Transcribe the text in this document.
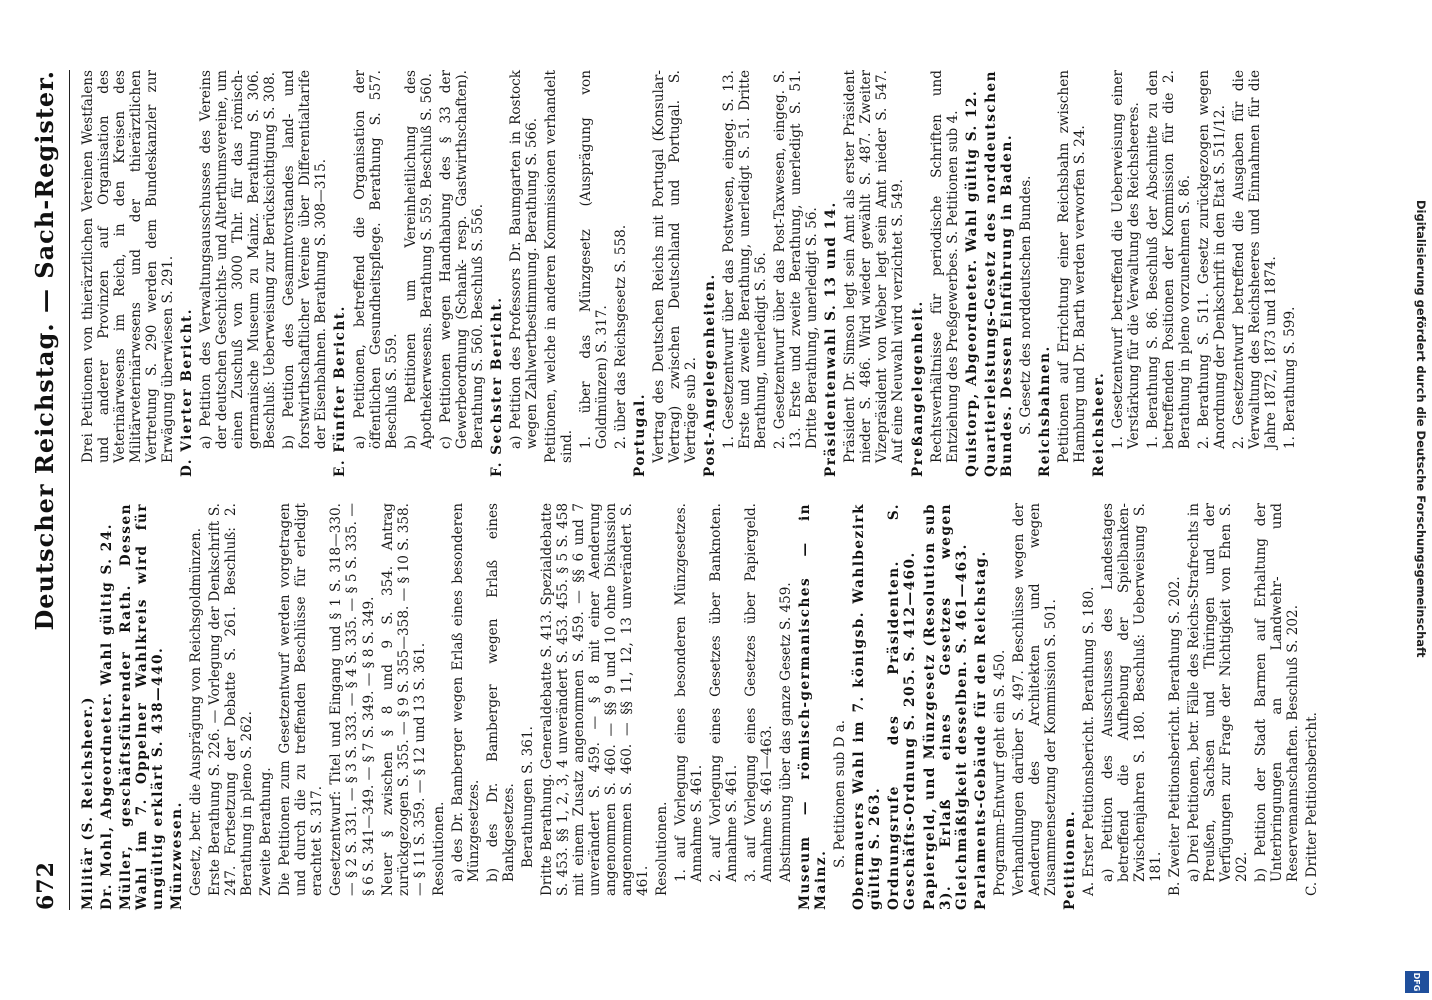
672
Deutscher Reichstag. — Sach-Register.

Militär (S. Reichsheer.) Dr. Mohl, Abgeordneter. Wahl gültig S. 24. Müller, geschäftsführender Rath. Dessen Wahl im 7. Oppelner Wahlkreis wird für ungültig erklärt S. 438—440. Münzwesen. Gesetz, betr. die Ausprägung von Reichsgoldmünzen. Erste Berathung S. 226. — Vorlegung der Denkschrift S. 247. Fortsetzung der Debatte S. 261. Beschluß: 2. Berathung in pleno S. 262. Zweite Berathung. Die Petitionen zum Gesetzentwurf werden vorgetragen und durch die zu treffenden Beschlüsse für erledigt erachtet S. 317. Gesetzentwurf: Titel und Eingang und § 1 S. 318—330. — § 2 S. 331. — § 3 S. 333. — § 4 S. 335. — § 5 S. 335. — § 6 S. 341—349. — § 7 S. 349. — § 8 S. 349. Neuer § zwischen § 8 und 9 S. 354. Antrag zurückgezogen S. 355. — § 9 S. 355—358. — § 10 S. 358. — § 11 S. 359. — § 12 und 13 S. 361. Resolutionen. a) des Dr. Bamberger wegen Erlaß eines besonderen Münzgesetzes. b) des Dr. Bamberger wegen Erlaß eines Bankgesetzes. Berathungen S. 361. Dritte Berathung. Generaldebatte S. 413. Spezialdebatte S. 453. §§ 1, 2, 3, 4 unverändert S. 453. 455. § 5 S. 458 mit einem Zusatz angenommen S. 459. — §§ 6 und 7 unverändert S. 459. — § 8 mit einer Aenderung angenommen S. 460. — §§ 9 und 10 ohne Diskussion angenommen S. 460. — §§ 11, 12, 13 unverändert S. 461. Resolutionen. 1. auf Vorlegung eines besonderen Münzgesetzes. Annahme S. 461. 2. auf Vorlegung eines Gesetzes über Banknoten. Annahme S. 461. 3. auf Vorlegung eines Gesetzes über Papiergeld. Annahme S. 461—463. Abstimmung über das ganze Gesetz S. 459. Museum — römisch-germanisches — in Mainz.

S. Petitionen sub D a. Obermauers Wahl im 7. königsb. Wahlbezirk gültig S. 263. Ordnungsrufe des Präsidenten. S. Geschäfts-Ordnung S. 205. S. 412—460. Papiergeld, und Münzgesetz (Resolution sub 3). Erlaß eines Gesetzes wegen Gleichmäßigkeit desselben. S. 461—463. Parlaments-Gebäude für den Reichstag. Programm-Entwurf geht ein S. 450. Verhandlungen darüber S. 497. Beschlüsse wegen der Aenderung des Architekten und wegen Zusammensetzung der Kommission S. 501. Petitionen. A. Erster Petitionsbericht. Berathung S. 180. a) Petition des Ausschusses des Landestages betreffend die Aufhebung der Spielbanken-Zwischenjahren S. 180. Beschluß: Ueberweisung S. 181. B. Zweiter Petitionsbericht. Berathung S. 202. a) Drei Petitionen, betr. Fälle des Reichs-Strafrechts in Preußen, Sachsen und Thüringen und der Verfügungen zur Frage der Nichtigkeit von Ehen S. 202. b) Petition der Stadt Barmen auf Erhaltung der Unterbringungen an Landwehr- und Reservemannschaften. Beschluß S. 202. C. Dritter Petitionsbericht.

Drei Petitionen von thierärztlichen Vereinen Westfalens und anderer Provinzen auf Organisation des Veterinärwesens im Reich, in den Kreisen des Militärveterinärwesens und der thierärztlichen Vertretung S. 290 werden dem Bundeskanzler zur Erwägung überwiesen S. 291. D. Vierter Bericht. a) Petition des Verwaltungsausschusses des Vereins der deutschen Geschichts- und Alterthumsvereine, um einen Zuschuß von 3000 Thlr. für das römisch-germanische Museum zu Mainz. Berathung S. 306. Beschluß: Ueberweisung zur Berücksichtigung S. 308. b) Petition des Gesammtvorstandes land- und forstwirthschaftlicher Vereine über Differentialtarife der Eisenbahnen. Berathung S. 308—315. E. Fünfter Bericht. a) Petitionen, betreffend die Organisation der öffentlichen Gesundheitspflege. Berathung S. 557. Beschluß S. 559. b) Petitionen um Vereinheitlichung des Apothekerwesens. Berathung S. 559. Beschluß S. 560. c) Petitionen wegen Handhabung des § 33 der Gewerbeordnung (Schank- resp. Gastwirthschaften). Berathung S. 560. Beschluß S. 556. F. Sechster Bericht. a) Petition des Professors Dr. Baumgarten in Rostock wegen Zahlwertbestimmung. Berathung S. 566. Petitionen, welche in anderen Kommissionen verhandelt sind. 1. über das Münzgesetz (Ausprägung von Goldmünzen) S. 317. 2. über das Reichsgesetz S. 558. Portugal. Vertrag des Deutschen Reichs mit Portugal (Konsular-Vertrag) zwischen Deutschland und Portugal. S. Verträge sub 2. Post-Angelegenheiten. 1. Gesetzentwurf über das Postwesen, eingeg. S. 13. Erste und zweite Berathung, unerledigt S. 51. Dritte Berathung, unerledigt S. 56. 2. Gesetzentwurf über das Post-Taxwesen, eingeg. S. 13. Erste und zweite Berathung, unerledigt S. 51. Dritte Berathung, unerledigt S. 56. Präsidentenwahl S. 13 und 14. Präsident Dr. Simson legt sein Amt als erster Präsident nieder S. 486. Wird wieder gewählt S. 487. Zweiter Vizepräsident von Weber legt sein Amt nieder S. 547. Auf eine Neuwahl wird verzichtet S. 549. Preßangelegenheit. Rechtsverhältnisse für periodische Schriften und Entziehung des Preßgewerbes. S. Petitionen sub 4. Quistorp, Abgeordneter. Wahl gültig S. 12. Quartierleistungs-Gesetz des norddeutschen Bundes. Dessen Einführung in Baden. S. Gesetz des norddeutschen Bundes. Reichsbahnen. Petitionen auf Errichtung einer Reichsbahn zwischen Hamburg und Dr. Barth werden verworfen S. 24. Reichsheer. 1. Gesetzentwurf betreffend die Ueberweisung einer Verstärkung für die Verwaltung des Reichsheeres. 1. Berathung S. 86. Beschluß der Abschnitte zu den betreffenden Positionen der Kommission für die 2. Berathung in pleno vorzunehmen S. 86. 2. Berathung S. 511. Gesetz zurückgezogen wegen Anordnung der Denkschrift in den Etat S. 511/12. 2. Gesetzentwurf betreffend die Ausgaben für die Verwaltung des Reichsheeres und Einnahmen für die Jahre 1872, 1873 und 1874. 1. Berathung S. 599.	Digitalisierung gefördert durch die Deutsche Forschungsgemeinschaft
DFG
